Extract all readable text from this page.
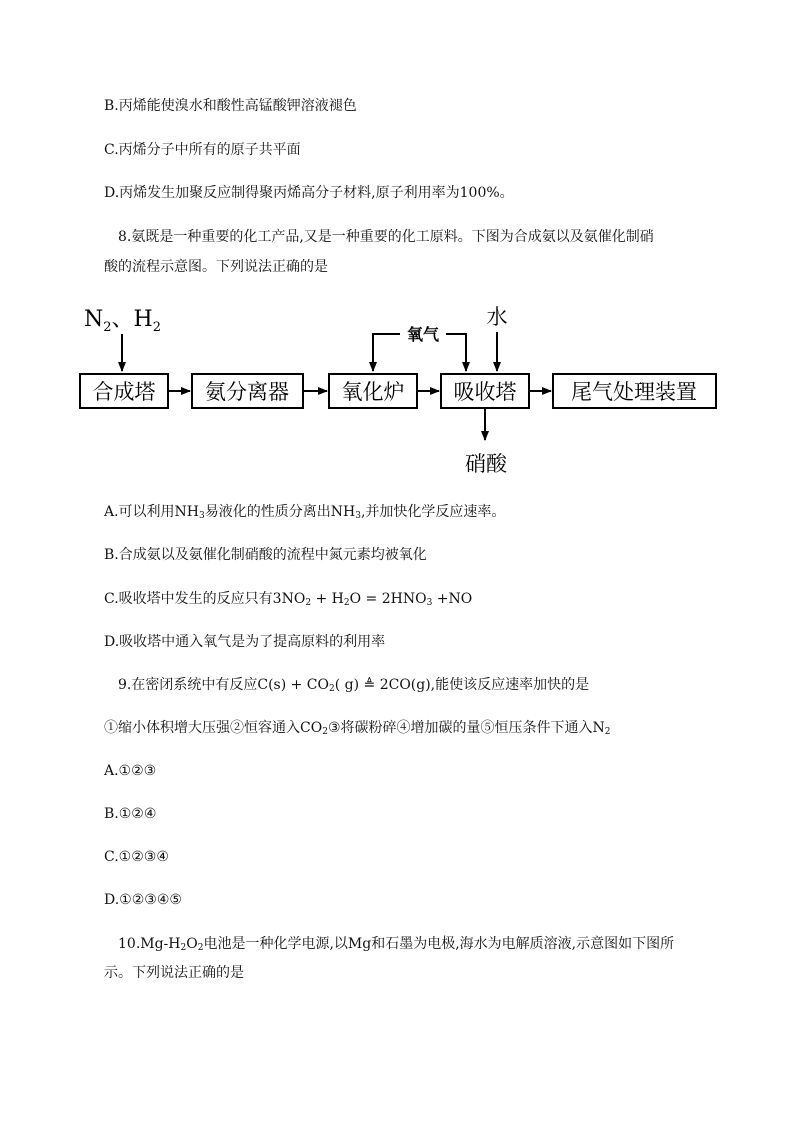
B.丙烯能使溴水和酸性高锰酸钾溶液褪色
C.丙烯分子中所有的原子共平面
D.丙烯发生加聚反应制得聚丙烯高分子材料,原子利用率为100%。
8.氨既是一种重要的化工产品,又是一种重要的化工原料。下图为合成氨以及氨催化制硝
酸的流程示意图。下列说法正确的是
$N_2$、$H_2$
合成塔 氨分离器	氧化炉 吸收塔	尾气处理装置
氧气
水
硝酸
A.可以利用$NH_3$易液化的性质分离出$NH_3$,并加快化学反应速率。
B.合成氨以及氨催化制硝酸的流程中氮元素均被氧化
C.吸收塔中发生的反应只有$3NO_2 + H_2O = 2HNO_3 +NO$
D.吸收塔中通入氧气是为了提高原料的利用率
9.在密闭系统中有反应$C(s) + CO_2$( g) ≜ 2CO(g),能使该反应速率加快的是
①缩小体积增大压强②恒容通入$CO_2③$将碳粉碎④增加碳的量⑤恒压条件下通入$N_2$
A.①②③
B.①②④
C.①②③④
D.①②③④⑤
$10.Mg-H_2O_2$电池是一种化学电源,以Mg和石墨为电极,海水为电解质溶液,示意图如下图所
示。下列说法正确的是
